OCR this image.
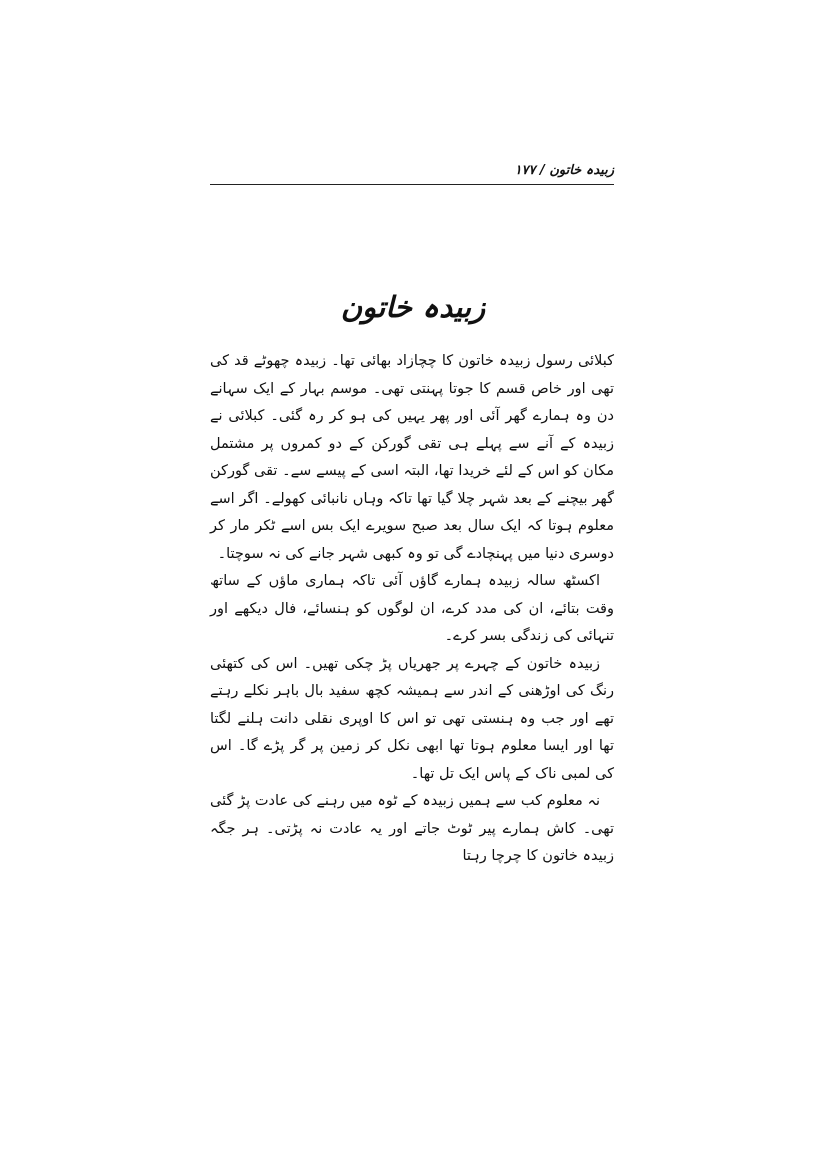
زبیدہ خاتون / ۱۷۷
زبیدہ خاتون

کبلائی رسول زبیدہ خاتون کا چچازاد بھائی تھا۔ زبیدہ چھوٹے قد کی تھی اور خاص قسم کا جوتا پہنتی تھی۔ موسم بہار کے ایک سہانے دن وہ ہمارے گھر آئی اور پھر یہیں کی ہو کر رہ گئی۔ کبلائی نے زبیدہ کے آنے سے پہلے ہی تقی گورکن کے دو کمروں پر مشتمل مکان کو اس کے لئے خریدا تھا، البتہ اسی کے پیسے سے۔ تقی گورکن گھر بیچنے کے بعد شہر چلا گیا تھا تاکہ وہاں نانبائی کھولے۔ اگر اسے معلوم ہوتا کہ ایک سال بعد صبح سویرے ایک بس اسے ٹکر مار کر دوسری دنیا میں پہنچادے گی تو وہ کبھی شہر جانے کی نہ سوچتا۔

اکسٹھ سالہ زبیدہ ہمارے گاؤں آئی تاکہ ہماری ماؤں کے ساتھ وقت بتائے، ان کی مدد کرے، ان لوگوں کو ہنسائے، فال دیکھے اور تنہائی کی زندگی بسر کرے۔

زبیدہ خاتون کے چہرے پر جھریاں پڑ چکی تھیں۔ اس کی کتھئی رنگ کی اوڑھنی کے اندر سے ہمیشہ کچھ سفید بال باہر نکلے رہتے تھے اور جب وہ ہنستی تھی تو اس کا اوپری نقلی دانت ہلنے لگتا تھا اور ایسا معلوم ہوتا تھا ابھی نکل کر زمین پر گر پڑے گا۔ اس کی لمبی ناک کے پاس ایک تل تھا۔

نہ معلوم کب سے ہمیں زبیدہ کے ٹوہ میں رہنے کی عادت پڑ گئی تھی۔ کاش ہمارے پیر ٹوٹ جاتے اور یہ عادت نہ پڑتی۔ ہر جگہ زبیدہ خاتون کا چرچا رہتا
